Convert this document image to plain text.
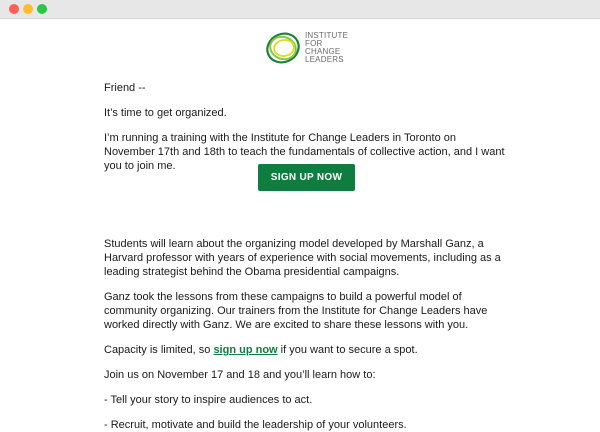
INSTITUTE
FOR
CHANGE
LEADERS

Friend --

It’s time to get organized.

I’m running a training with the Institute for Change Leaders in Toronto on November 17th and 18th to teach the fundamentals of collective action, and I want you to join me.

Students will learn about the organizing model developed by Marshall Ganz, a Harvard professor with years of experience with social movements, including as a leading strategist behind the Obama presidential campaigns.

Ganz took the lessons from these campaigns to build a powerful model of community organizing. Our trainers from the Institute for Change Leaders have worked directly with Ganz. We are excited to share these lessons with you.

Capacity is limited, so sign up now if you want to secure a spot.

Join us on November 17 and 18 and you’ll learn how to:

- Tell your story to inspire audiences to act.

- Recruit, motivate and build the leadership of your volunteers.

SIGN UP NOW
